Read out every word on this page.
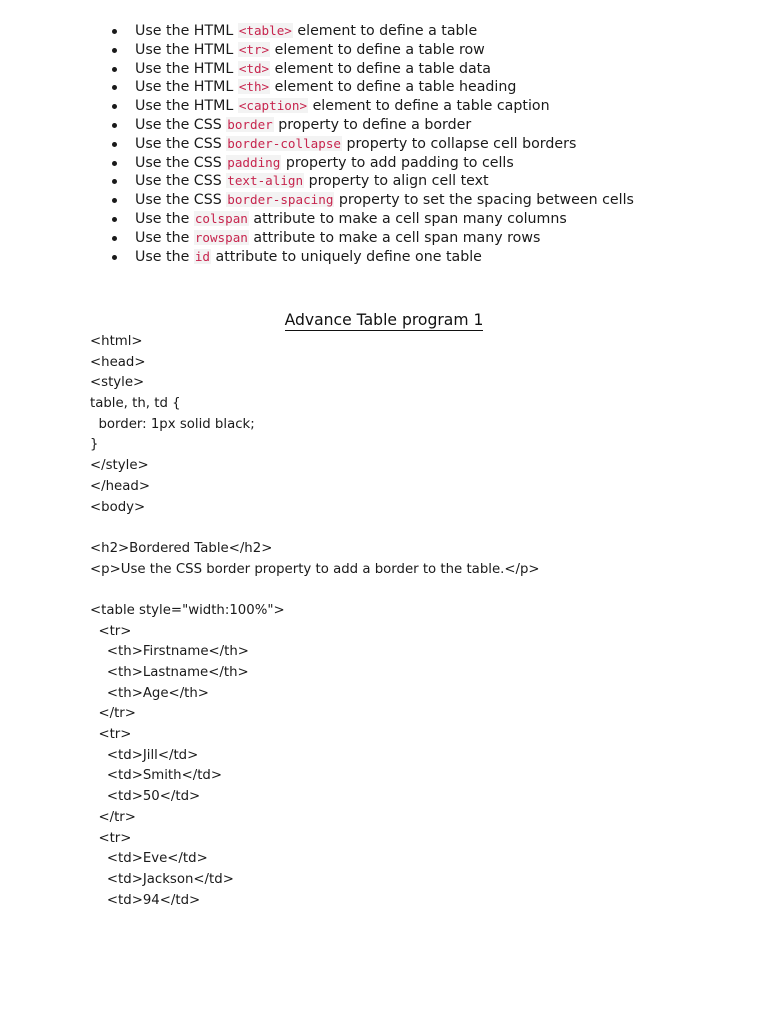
Use the HTML <table> element to define a table
Use the HTML <tr> element to define a table row
Use the HTML <td> element to define a table data
Use the HTML <th> element to define a table heading
Use the HTML <caption> element to define a table caption
Use the CSS border property to define a border
Use the CSS border-collapse property to collapse cell borders
Use the CSS padding property to add padding to cells
Use the CSS text-align property to align cell text
Use the CSS border-spacing property to set the spacing between cells
Use the colspan attribute to make a cell span many columns
Use the rowspan attribute to make a cell span many rows
Use the id attribute to uniquely define one table
Advance Table program 1
<html>
<head>
<style>
table, th, td {
border: 1px solid black;
}
</style>
</head>
<body>
<h2>Bordered Table</h2>
<p>Use the CSS border property to add a border to the table.</p>
<table style="width:100%">
<tr>
<th>Firstname</th>
<th>Lastname</th>
<th>Age</th>
</tr>
<tr>
<td>Jill</td>
<td>Smith</td>
<td>50</td>
</tr>
<tr>
<td>Eve</td>
<td>Jackson</td>
<td>94</td>
